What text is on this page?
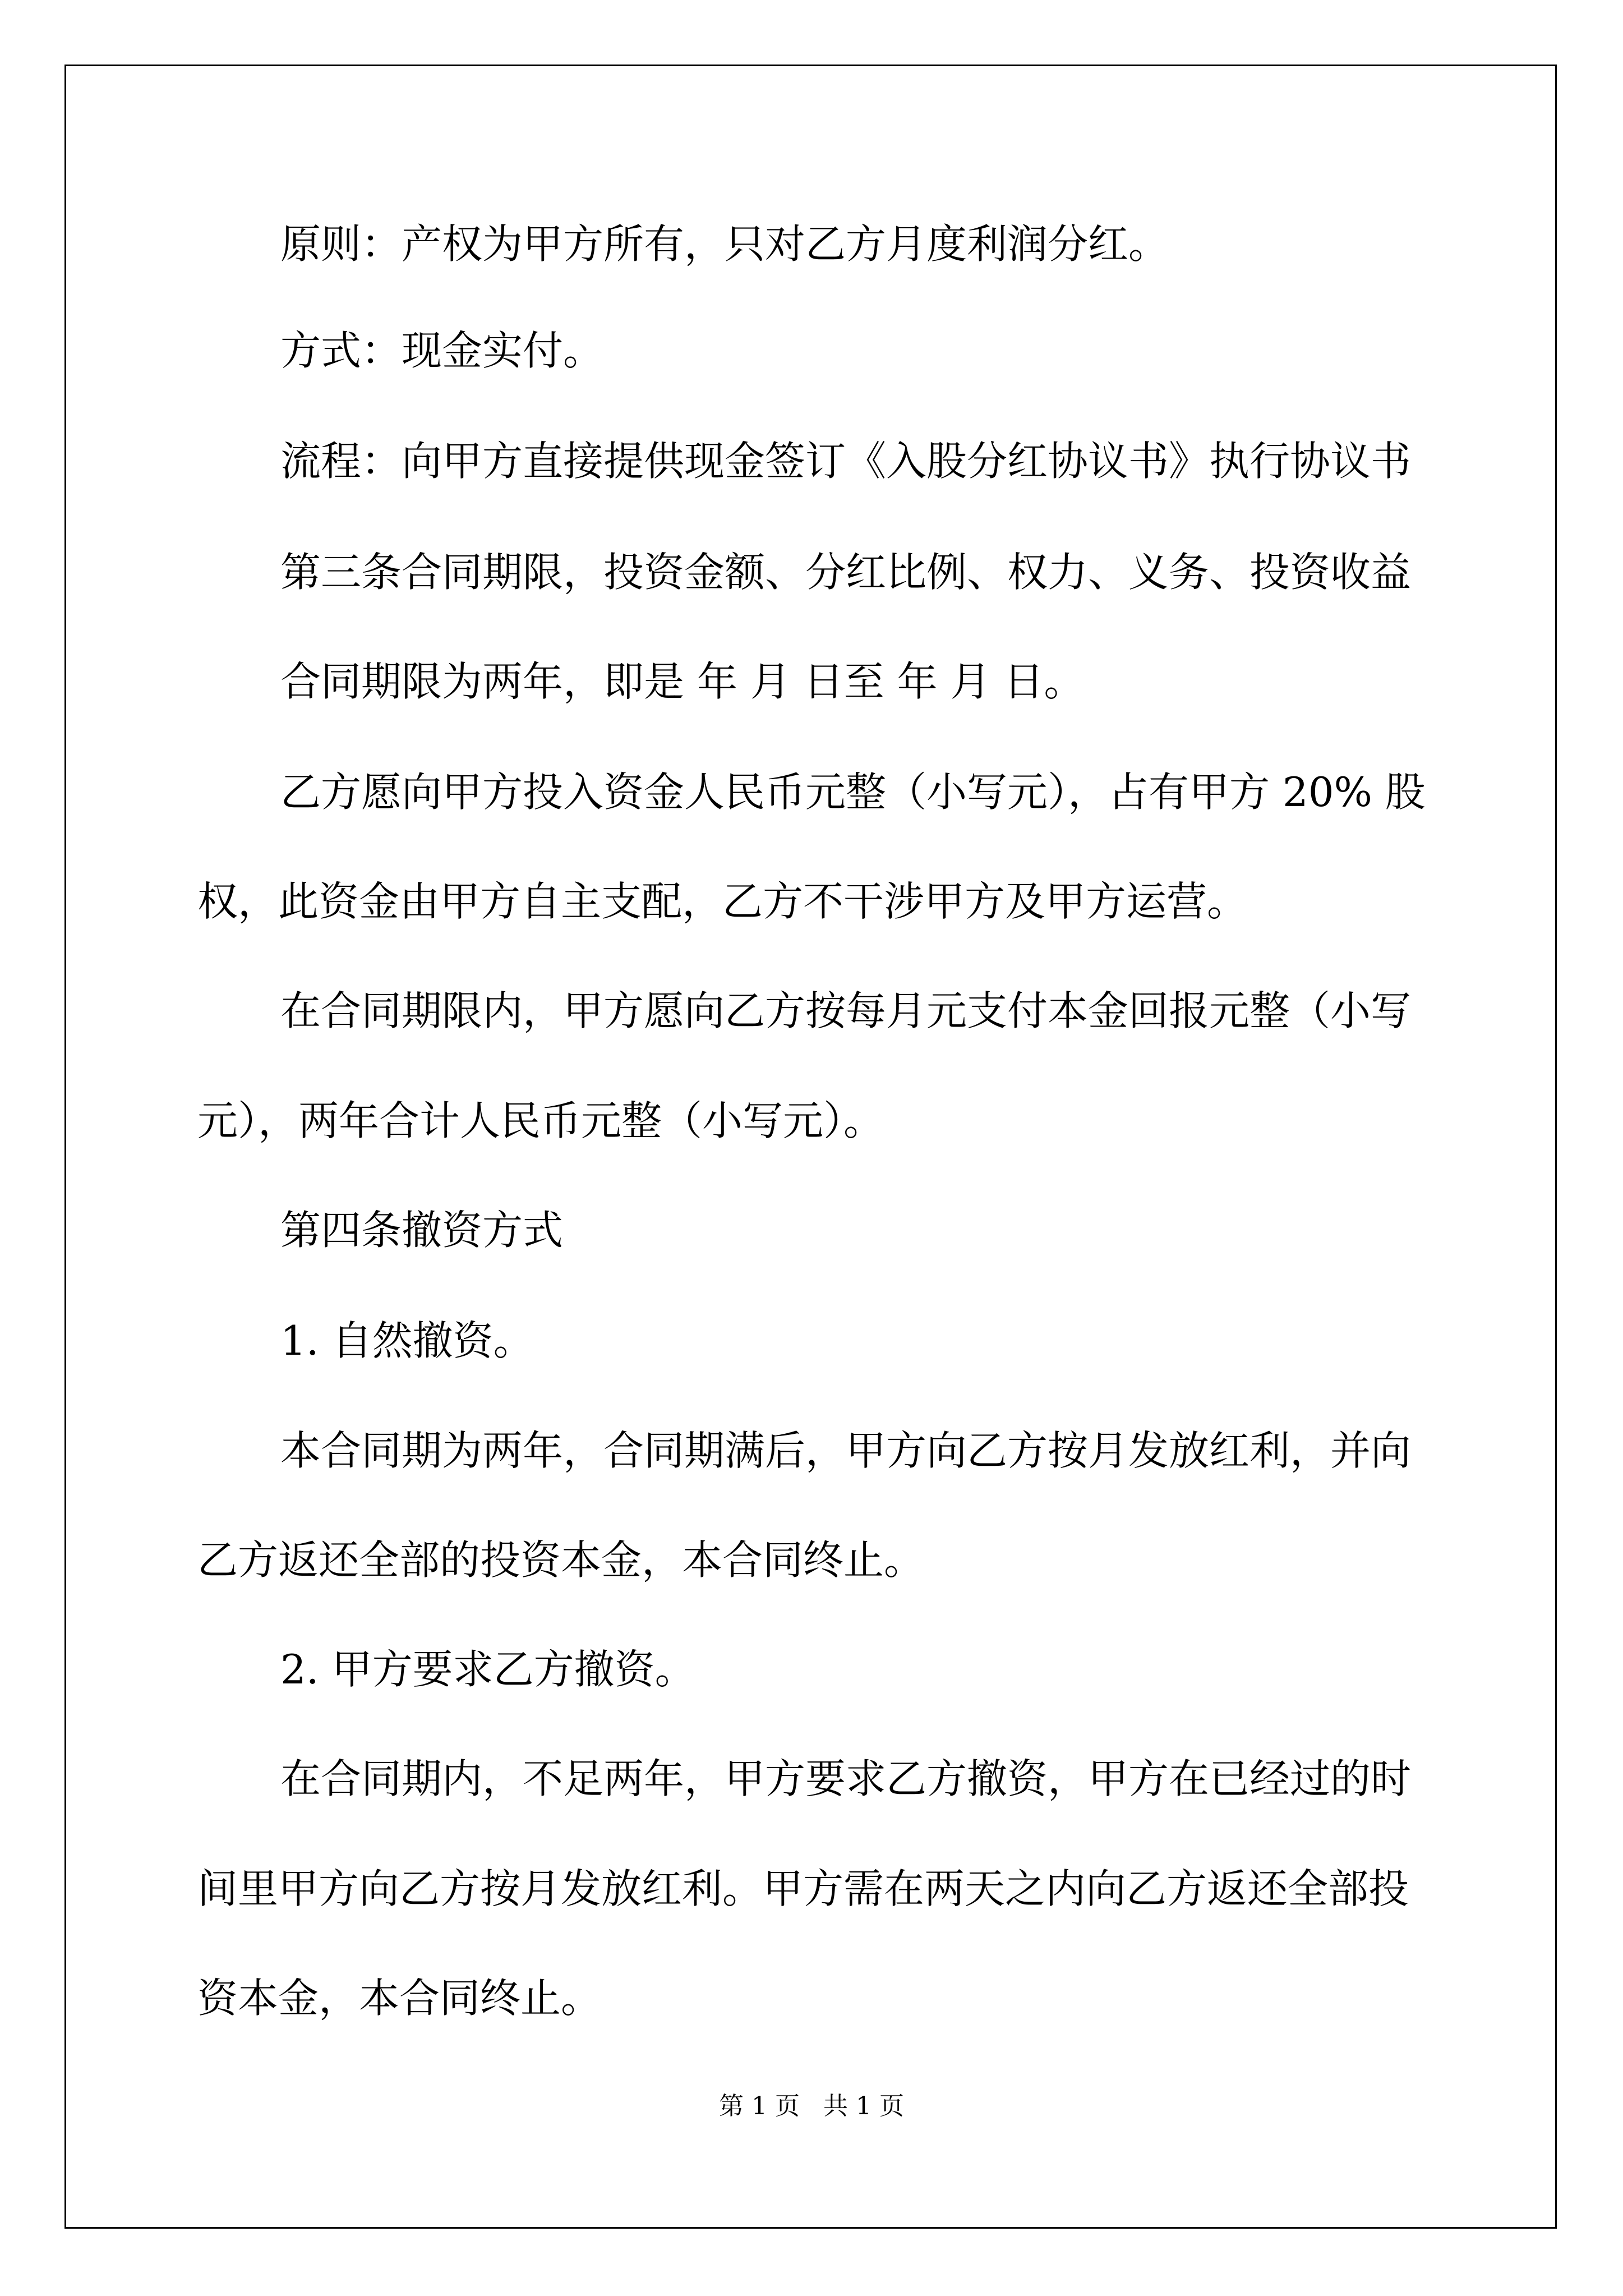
原则：产权为甲方所有，只对乙方月度利润分红。

方式：现金实付。

流程：向甲方直接提供现金签订《入股分红协议书》执行协议书

第三条合同期限，投资金额、分红比例、权力、义务、投资收益

合同期限为两年，即是 年 月 日至 年 月 日。

乙方愿向甲方投入资金人民币元整（小写元），占有甲方 20% 股

权，此资金由甲方自主支配，乙方不干涉甲方及甲方运营。

在合同期限内，甲方愿向乙方按每月元支付本金回报元整（小写

元），两年合计人民币元整（小写元）。

第四条撤资方式

1. 自然撤资。

本合同期为两年，合同期满后，甲方向乙方按月发放红利，并向

乙方返还全部的投资本金，本合同终止。

2. 甲方要求乙方撤资。

在合同期内，不足两年，甲方要求乙方撤资，甲方在已经过的时

间里甲方向乙方按月发放红利。甲方需在两天之内向乙方返还全部投

资本金，本合同终止。

第 1 页   共 1 页
